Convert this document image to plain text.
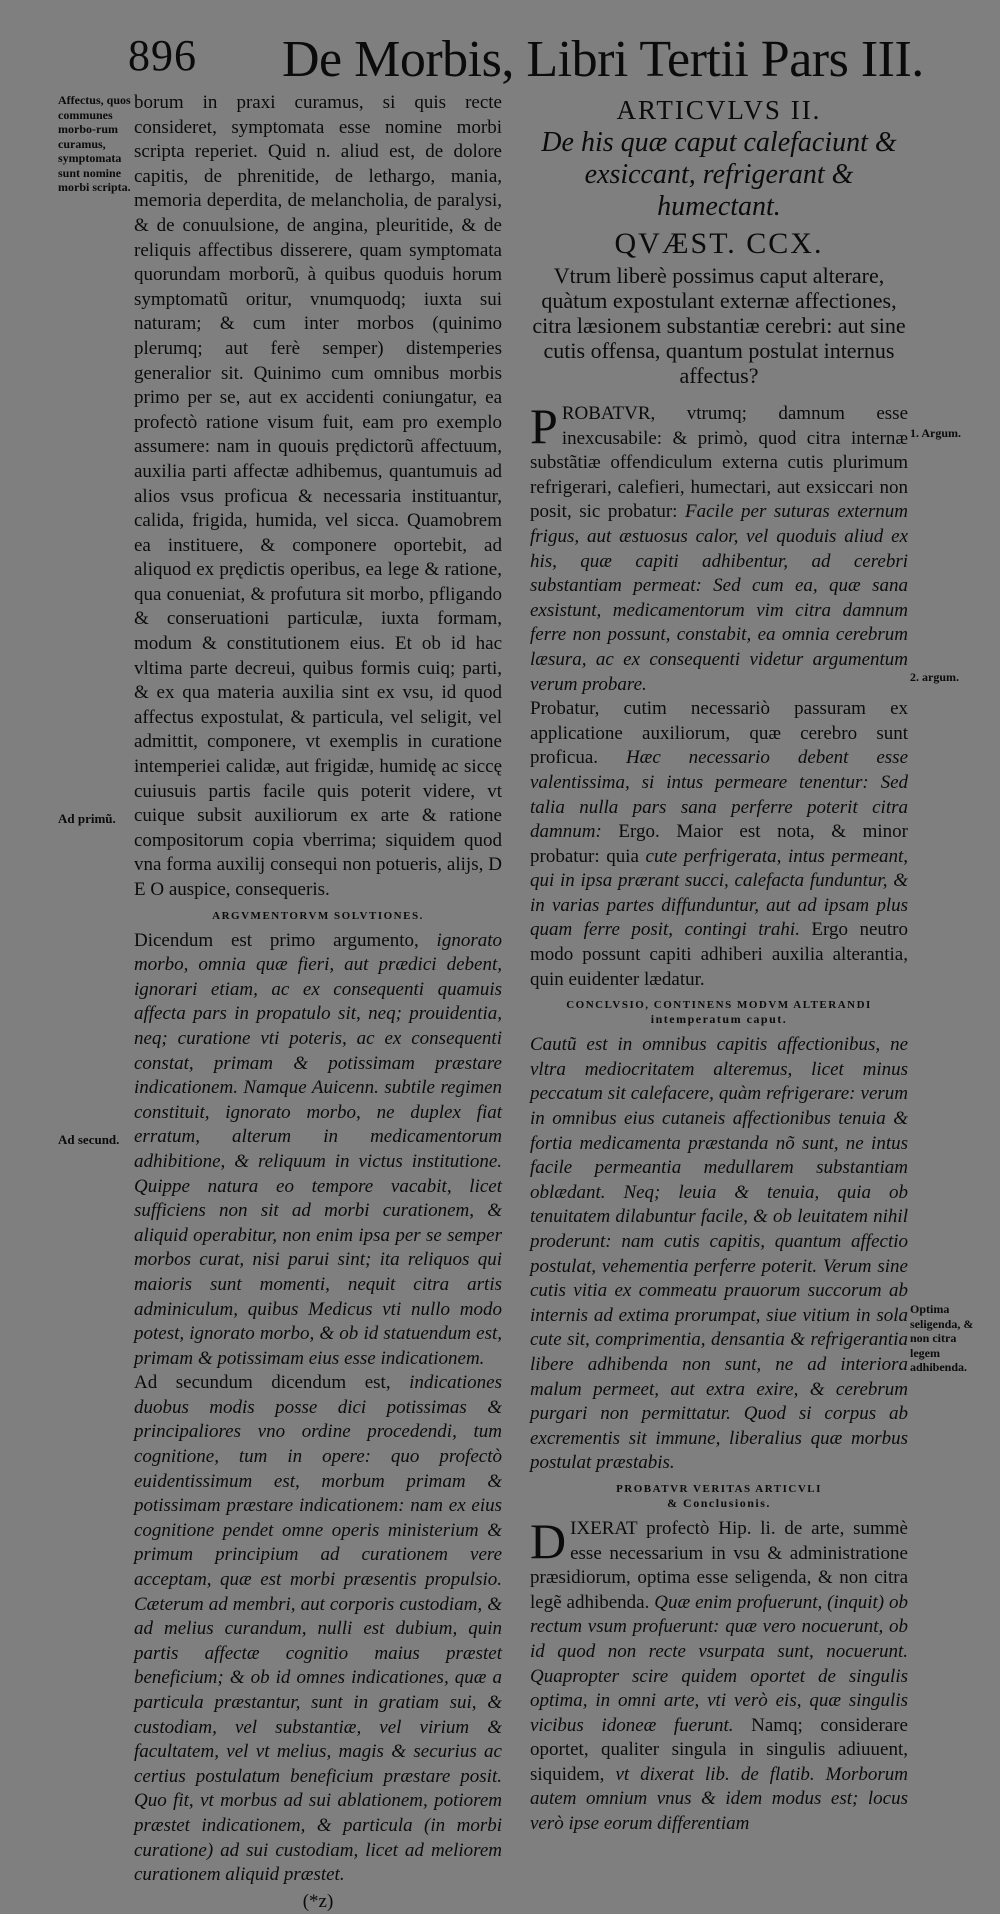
896 De Morbis, Libri Tertii Pars III.
Affectus, quos communes morbo-rum curamus, symptomata sunt nomine morbi scripta.
Ad primũ.
Ad secund.

borum in praxi curamus, si quis recte consideret, symptomata esse nomine morbi scripta reperiet. Quid n. aliud est, de dolore capitis, de phrenitide, de lethargo, mania, memoria deperdita, de melancholia, de paralysi, & de conuulsione, de angina, pleuritide, & de reliquis affectibus disserere, quam symptomata quorundam morborũ, à quibus quoduis horum symptomatũ oritur, vnumquodq; iuxta sui naturam; & cum inter morbos (quinimo plerumq; aut ferè semper) distemperies generalior sit. Quinimo cum omnibus morbis primo per se, aut ex accidenti coniungatur, ea profectò ratione visum fuit, eam pro exemplo assumere: nam in quouis prędictorũ affectuum, auxilia parti affectæ adhibemus, quantumuis ad alios vsus proficua & necessaria instituantur, calida, frigida, humida, vel sicca. Quamobrem ea instituere, & componere oportebit, ad aliquod ex prędictis operibus, ea lege & ratione, qua conueniat, & profutura sit morbo, pfligando & conseruationi particulæ, iuxta formam, modum & constitutionem eius. Et ob id hac vltima parte decreui, quibus formis cuiq; parti, & ex qua materia auxilia sint ex vsu, id quod affectus expostulat, & particula, vel seligit, vel admittit, componere, vt exemplis in curatione intemperiei calidæ, aut frigidæ, humidę ac siccę cuiusuis partis facile quis poterit videre, vt cuique subsit auxiliorum ex arte & ratione compositorum copia vberrima; siquidem quod vna forma auxilij consequi non potueris, alijs, D E O auspice, consequeris.

ARGVMENTORVM SOLVTIONES.

Dicendum est primo argumento, ignorato morbo, omnia quæ fieri, aut prædici debent, ignorari etiam, ac ex consequenti quamuis affecta pars in propatulo sit, neq; prouidentia, neq; curatione vti poteris, ac ex consequenti constat, primam & potissimam præstare indicationem. Namque Auicenn. subtile regimen constituit, ignorato morbo, ne duplex fiat erratum, alterum in medicamentorum adhibitione, & reliquum in victus institutione. Quippe natura eo tempore vacabit, licet sufficiens non sit ad morbi curationem, & aliquid operabitur, non enim ipsa per se semper morbos curat, nisi parui sint; ita reliquos qui maioris sunt momenti, nequit citra artis adminiculum, quibus Medicus vti nullo modo potest, ignorato morbo, & ob id statuendum est, primam & potissimam eius esse indicationem.

Ad secundum dicendum est, indicationes duobus modis posse dici potissimas & principaliores vno ordine procedendi, tum cognitione, tum in opere: quo profectò euidentissimum est, morbum primam & potissimam præstare indicationem: nam ex eius cognitione pendet omne operis ministerium & primum principium ad curationem vere acceptam, quæ est morbi præsentis propulsio. Cæterum ad membri, aut corporis custodiam, & ad melius curandum, nulli est dubium, quin partis affectæ cognitio maius præstet beneficium; & ob id omnes indicationes, quæ a particula præstantur, sunt in gratiam sui, & custodiam, vel substantiæ, vel virium & facultatem, vel vt melius, magis & securius ac certius postulatum beneficium præstare posit. Quo fit, vt morbus ad sui ablationem, potiorem præstet indicationem, & particula (in morbi curatione) ad sui custodiam, licet ad meliorem curationem aliquid præstet.

(*z)

ARTICVLVS II.

De his quæ caput calefaciunt & exsiccant, refrigerant & humectant.

QVÆST. CCX.

Vtrum liberè possimus caput alterare, quàtum expostulant externæ affectiones, citra læsionem substantiæ cerebri: aut sine cutis offensa, quantum postulat internus affectus?

P ROBATVR, vtrumq; damnum esse inexcusabile: & primò, quod citra internæ substãtiæ offendiculum externa cutis plurimum refrigerari, calefieri, humectari, aut exsiccari non posit, sic probatur: Facile per suturas externum frigus, aut æstuosus calor, vel quoduis aliud ex his, quæ capiti adhibentur, ad cerebri substantiam permeat: Sed cum ea, quæ sana exsistunt, medicamentorum vim citra damnum ferre non possunt, constabit, ea omnia cerebrum læsura, ac ex consequenti videtur argumentum verum probare.

Probatur, cutim necessariò passuram ex applicatione auxiliorum, quæ cerebro sunt proficua. Hæc necessario debent esse valentissima, si intus permeare tenentur: Sed talia nulla pars sana perferre poterit citra damnum: Ergo. Maior est nota, & minor probatur: quia cute perfrigerata, intus permeant, qui in ipsa prærant succi, calefacta funduntur, & in varias partes diffunduntur, aut ad ipsam plus quam ferre posit, contingi trahi. Ergo neutro modo possunt capiti adhiberi auxilia alterantia, quin euidenter lædatur.

CONCLVSIO, CONTINENS MODVM ALTERANDI
intemperatum caput.

Cautũ est in omnibus capitis affectionibus, ne vltra mediocritatem alteremus, licet minus peccatum sit calefacere, quàm refrigerare: verum in omnibus eius cutaneis affectionibus tenuia & fortia medicamenta præstanda nõ sunt, ne intus facile permeantia medullarem substantiam oblædant. Neq; leuia & tenuia, quia ob tenuitatem dilabuntur facile, & ob leuitatem nihil proderunt: nam cutis capitis, quantum affectio postulat, vehementia perferre poterit. Verum sine cutis vitia ex commeatu prauorum succorum ab internis ad extima prorumpat, siue vitium in sola cute sit, comprimentia, densantia & refrigerantia libere adhibenda non sunt, ne ad interiora malum permeet, aut extra exire, & cerebrum purgari non permittatur. Quod si corpus ab excrementis sit immune, liberalius quæ morbus postulat præstabis.

PROBATVR VERITAS ARTICVLI
& Conclusionis.

D IXERAT profectò Hip. li. de arte, summè esse necessarium in vsu & administratione præsidiorum, optima esse seligenda, & non citra legẽ adhibenda. Quæ enim profuerunt, (inquit) ob rectum vsum profuerunt: quæ vero nocuerunt, ob id quod non recte vsurpata sunt, nocuerunt. Quapropter scire quidem oportet de singulis optima, in omni arte, vti verò eis, quæ singulis vicibus idoneæ fuerunt. Namq; considerare oportet, qualiter singula in singulis adiuuent, siquidem, vt dixerat lib. de flatib. Morborum autem omnium vnus & idem modus est; locus verò ipse eorum differentiam

1. Argum.
2. argum.
Optima seligenda, & non citra legem adhibenda.
